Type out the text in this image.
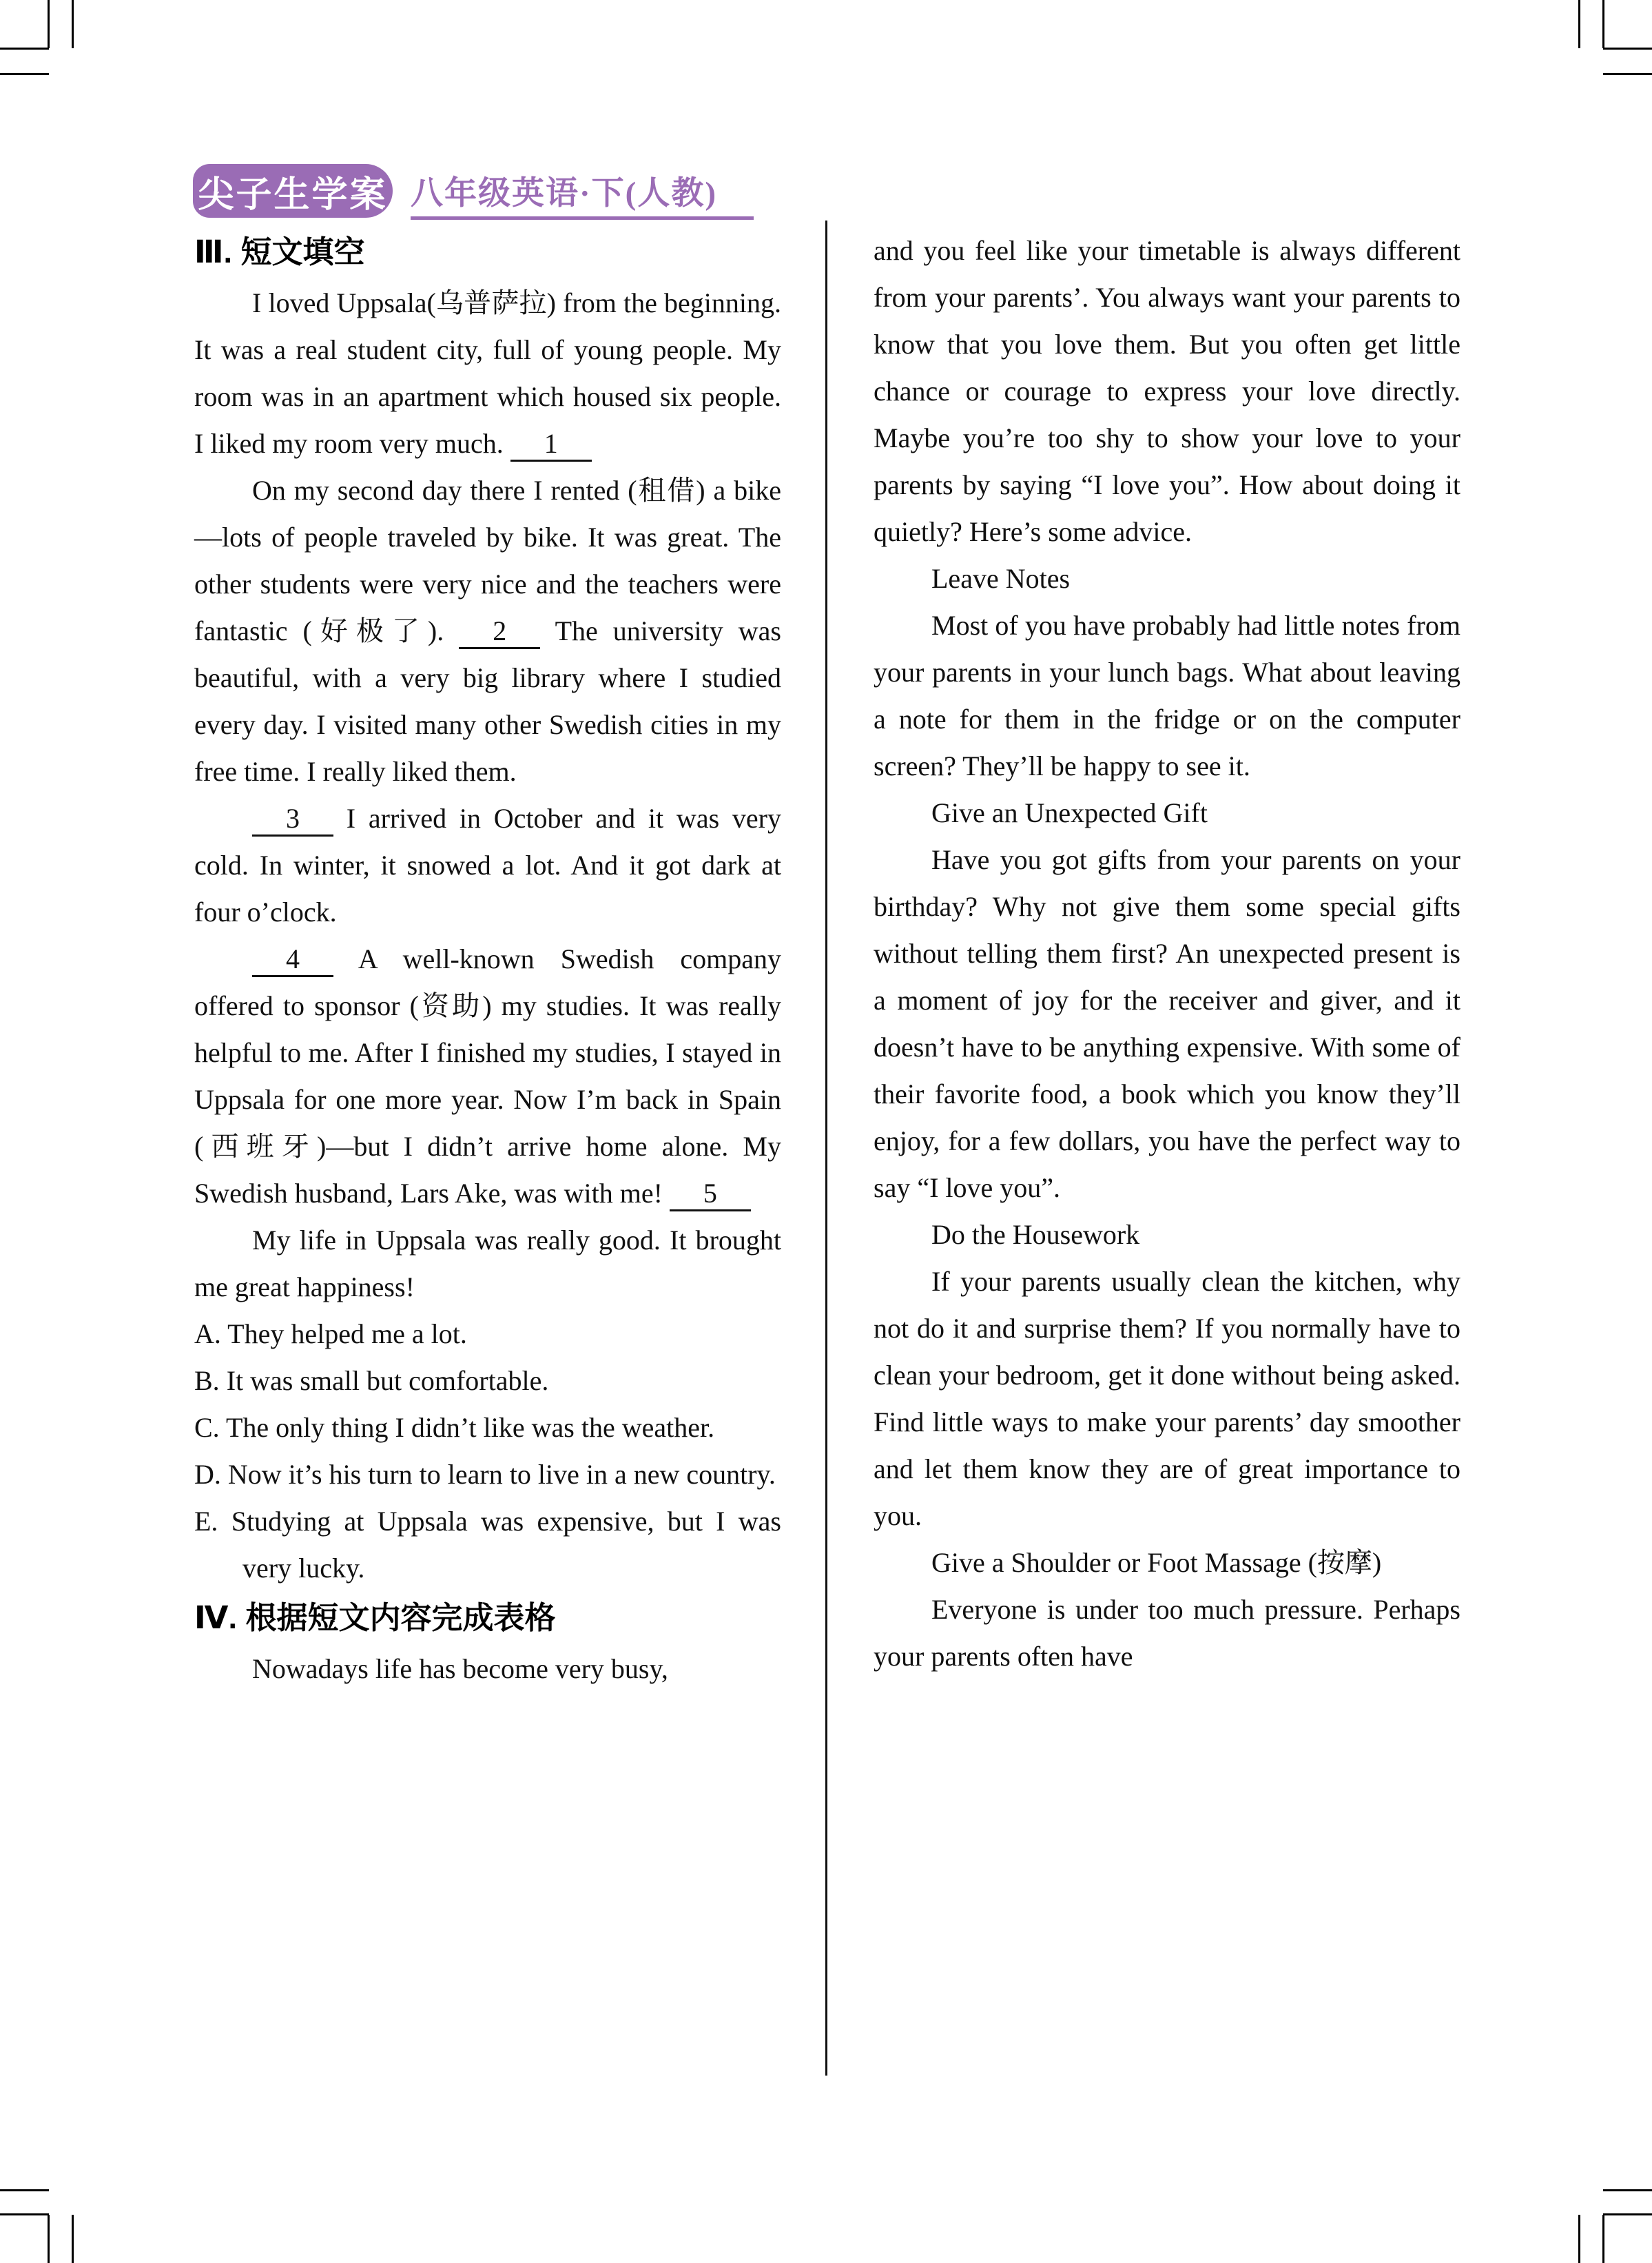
尖子生学案 八年级英语·下(人教)
Ⅲ. 短文填空

I loved Uppsala(乌普萨拉) from the beginning. It was a real student city, full of young people. My room was in an apartment which housed six people. I liked my room very much. 1

On my second day there I rented (租借) a bike—lots of people traveled by bike. It was great. The other students were very nice and the teachers were fantastic (好极了). 2 The university was beautiful, with a very big library where I studied every day. I visited many other Swedish cities in my free time. I really liked them.

3 I arrived in October and it was very cold. In winter, it snowed a lot. And it got dark at four o’clock.

4 A well-known Swedish company offered to sponsor (资助) my studies. It was really helpful to me. After I finished my studies, I stayed in Uppsala for one more year. Now I’m back in Spain (西班牙)—but I didn’t arrive home alone. My Swedish husband, Lars Ake, was with me! 5

My life in Uppsala was really good. It brought me great happiness!

A. They helped me a lot.
B. It was small but comfortable.
C. The only thing I didn’t like was the weather.
D. Now it’s his turn to learn to live in a new country.
E. Studying at Uppsala was expensive, but I was very lucky.
Ⅳ. 根据短文内容完成表格

Nowadays life has become very busy,

and you feel like your timetable is always different from your parents’. You always want your parents to know that you love them. But you often get little chance or courage to express your love directly. Maybe you’re too shy to show your love to your parents by saying “I love you”. How about doing it quietly? Here’s some advice.

Leave Notes

Most of you have probably had little notes from your parents in your lunch bags. What about leaving a note for them in the fridge or on the computer screen? They’ll be happy to see it.

Give an Unexpected Gift

Have you got gifts from your parents on your birthday? Why not give them some special gifts without telling them first? An unexpected present is a moment of joy for the receiver and giver, and it doesn’t have to be anything expensive. With some of their favorite food, a book which you know they’ll enjoy, for a few dollars, you have the perfect way to say “I love you”.

Do the Housework

If your parents usually clean the kitchen, why not do it and surprise them? If you normally have to clean your bedroom, get it done without being asked. Find little ways to make your parents’ day smoother and let them know they are of great importance to you.

Give a Shoulder or Foot Massage (按摩)

Everyone is under too much pressure. Perhaps your parents often have
